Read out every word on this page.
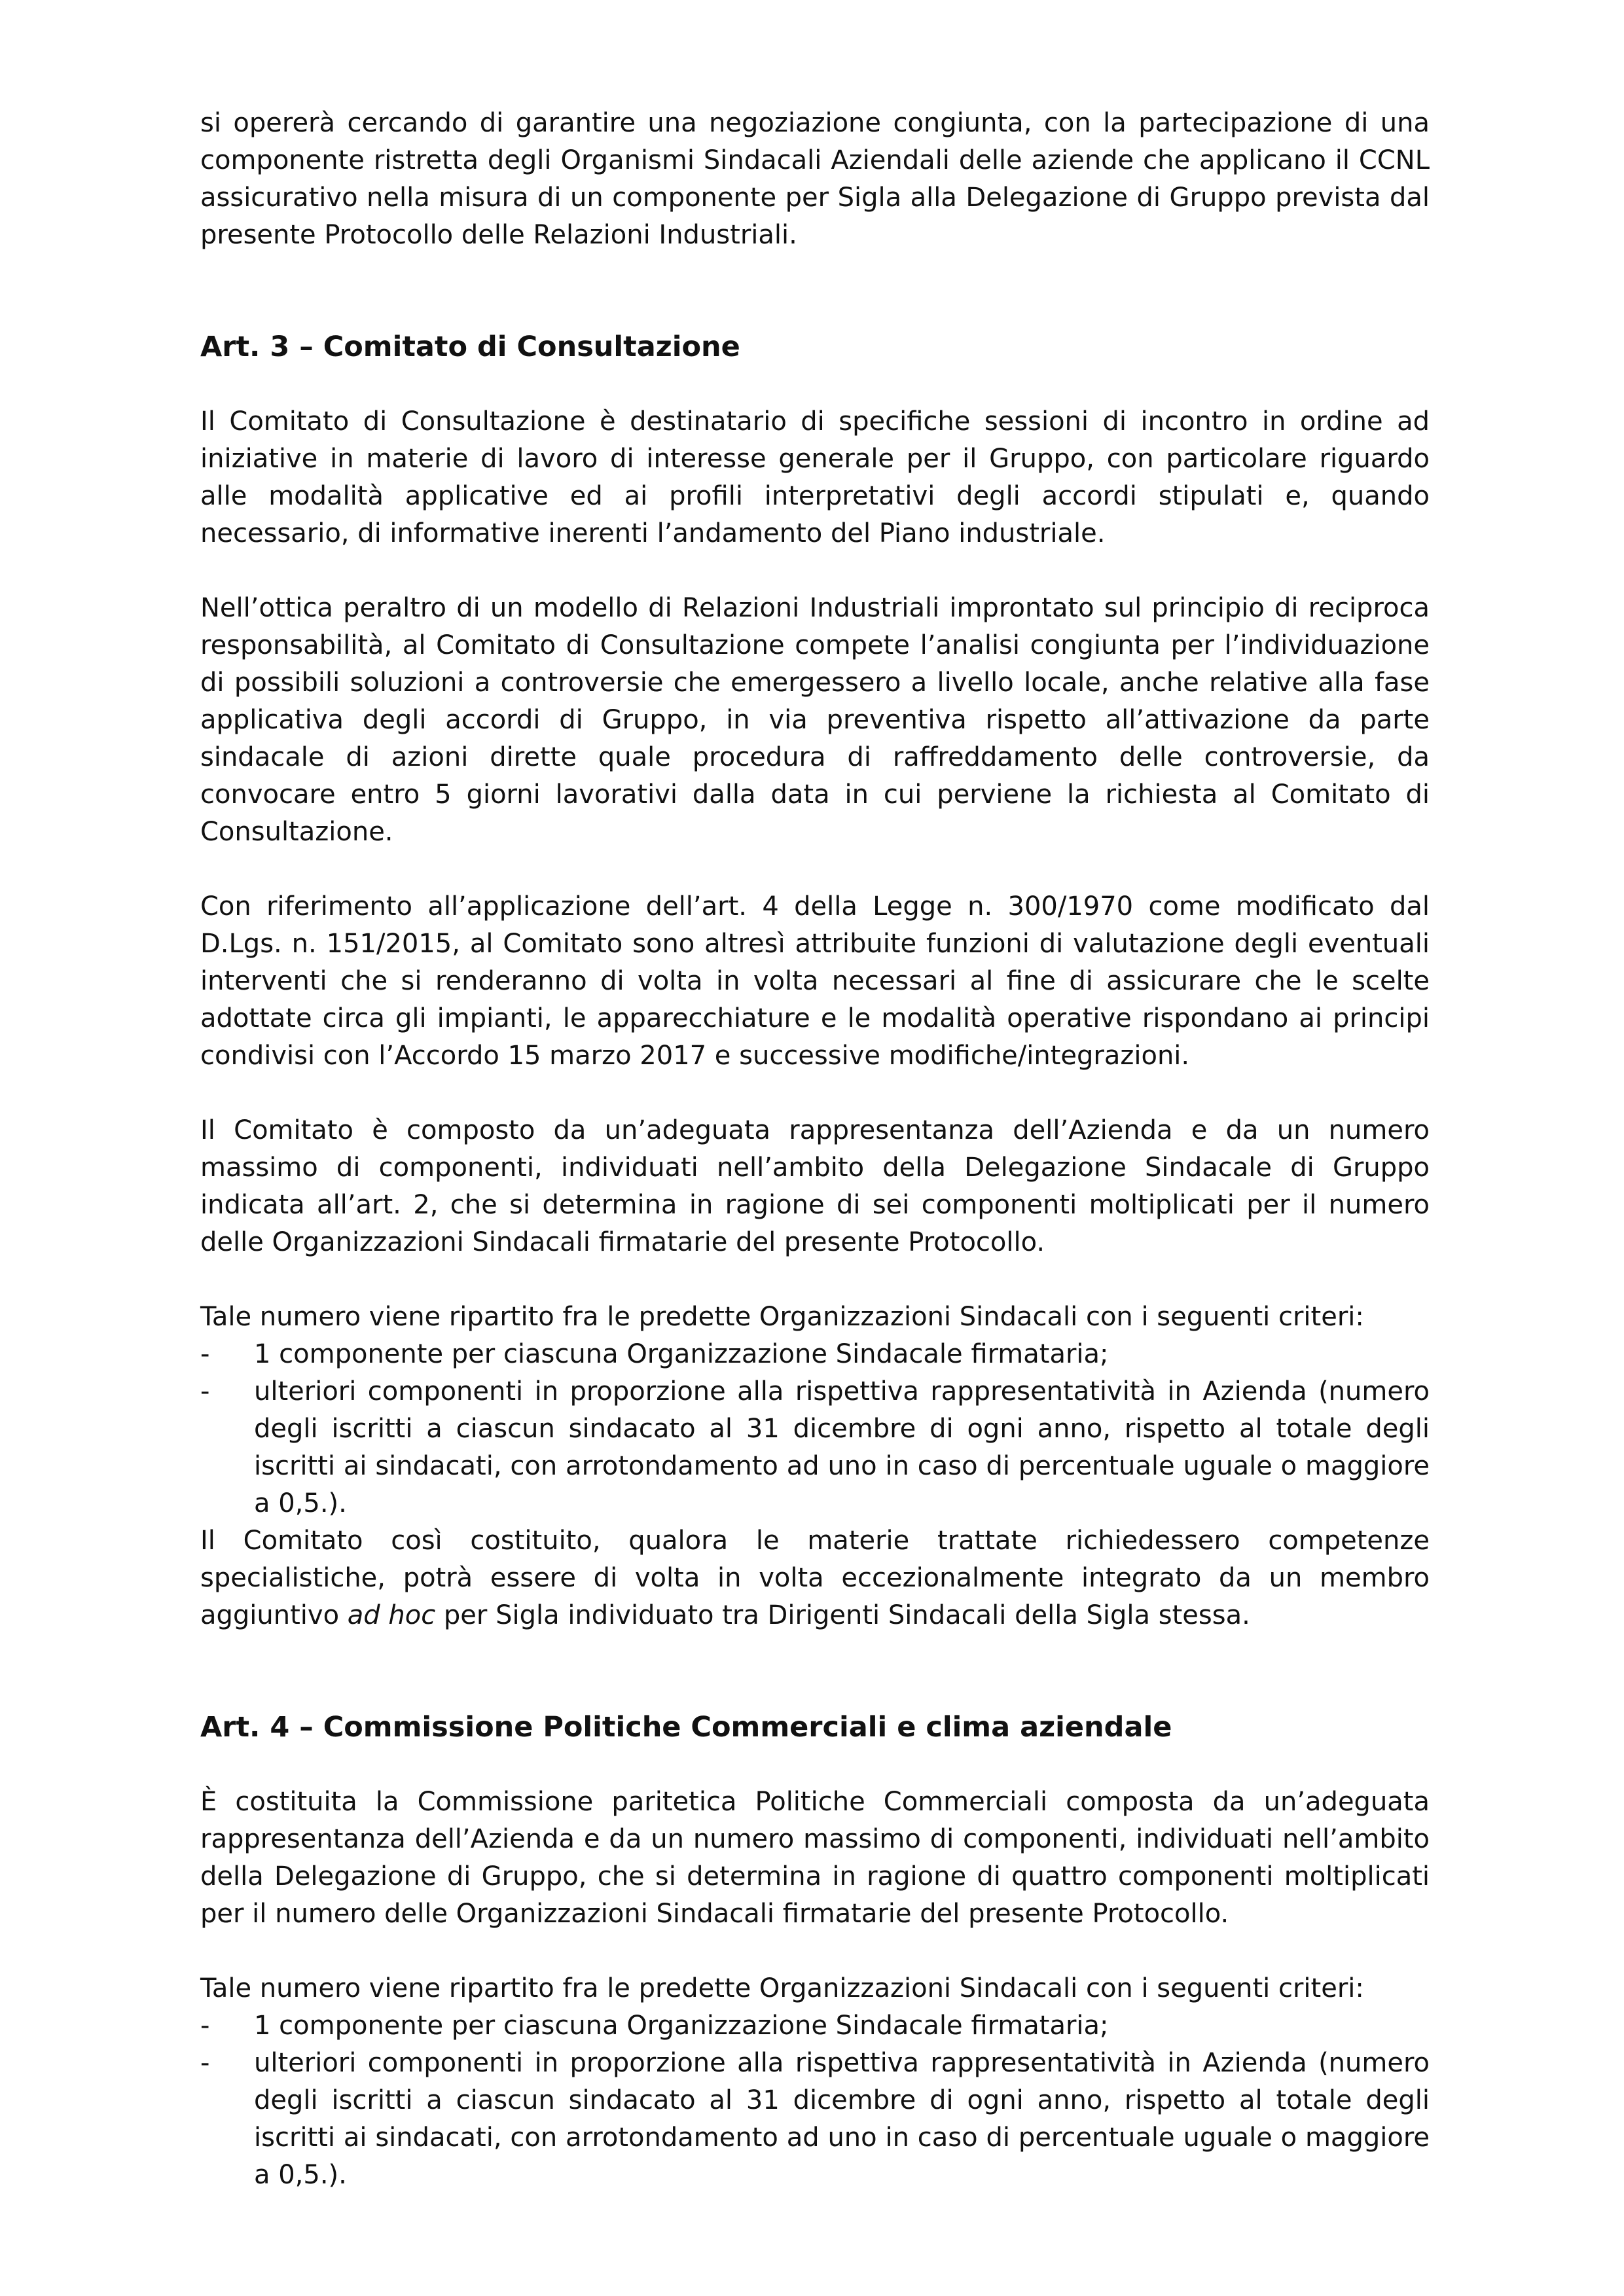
si opererà cercando di garantire una negoziazione congiunta, con la partecipazione di una componente ristretta degli Organismi Sindacali Aziendali delle aziende che applicano il CCNL assicurativo nella misura di un componente per Sigla alla Delegazione di Gruppo prevista dal presente Protocollo delle Relazioni Industriali.

Art. 3 – Comitato di Consultazione

Il Comitato di Consultazione è destinatario di specifiche sessioni di incontro in ordine ad iniziative in materie di lavoro di interesse generale per il Gruppo, con particolare riguardo alle modalità applicative ed ai profili interpretativi degli accordi stipulati e, quando necessario, di informative inerenti l’andamento del Piano industriale.

Nell’ottica peraltro di un modello di Relazioni Industriali improntato sul principio di reciproca responsabilità, al Comitato di Consultazione compete l’analisi congiunta per l’individuazione di possibili soluzioni a controversie che emergessero a livello locale, anche relative alla fase applicativa degli accordi di Gruppo, in via preventiva rispetto all’attivazione da parte sindacale di azioni dirette quale procedura di raffreddamento delle controversie, da convocare entro 5 giorni lavorativi dalla data in cui perviene la richiesta al Comitato di Consultazione.

Con riferimento all’applicazione dell’art. 4 della Legge n. 300/1970 come modificato dal D.Lgs. n. 151/2015, al Comitato sono altresì attribuite funzioni di valutazione degli eventuali interventi che si renderanno di volta in volta necessari al fine di assicurare che le scelte adottate circa gli impianti, le apparecchiature e le modalità operative rispondano ai principi condivisi con l’Accordo 15 marzo 2017 e successive modifiche/integrazioni.

Il Comitato è composto da un’adeguata rappresentanza dell’Azienda e da un numero massimo di componenti, individuati nell’ambito della Delegazione Sindacale di Gruppo indicata all’art. 2, che si determina in ragione di sei componenti moltiplicati per il numero delle Organizzazioni Sindacali firmatarie del presente Protocollo.

Tale numero viene ripartito fra le predette Organizzazioni Sindacali con i seguenti criteri:

- 1 componente per ciascuna Organizzazione Sindacale firmataria;
- ulteriori componenti in proporzione alla rispettiva rappresentatività in Azienda (numero degli iscritti a ciascun sindacato al 31 dicembre di ogni anno, rispetto al totale degli iscritti ai sindacati, con arrotondamento ad uno in caso di percentuale uguale o maggiore a 0,5.).

Il Comitato così costituito, qualora le materie trattate richiedessero competenze specialistiche, potrà essere di volta in volta eccezionalmente integrato da un membro aggiuntivo ad hoc per Sigla individuato tra Dirigenti Sindacali della Sigla stessa.

Art. 4 – Commissione Politiche Commerciali e clima aziendale

È costituita la Commissione paritetica Politiche Commerciali composta da un’adeguata rappresentanza dell’Azienda e da un numero massimo di componenti, individuati nell’ambito della Delegazione di Gruppo, che si determina in ragione di quattro componenti moltiplicati per il numero delle Organizzazioni Sindacali firmatarie del presente Protocollo.

Tale numero viene ripartito fra le predette Organizzazioni Sindacali con i seguenti criteri:

- 1 componente per ciascuna Organizzazione Sindacale firmataria;
- ulteriori componenti in proporzione alla rispettiva rappresentatività in Azienda (numero degli iscritti a ciascun sindacato al 31 dicembre di ogni anno, rispetto al totale degli iscritti ai sindacati, con arrotondamento ad uno in caso di percentuale uguale o maggiore a 0,5.).
